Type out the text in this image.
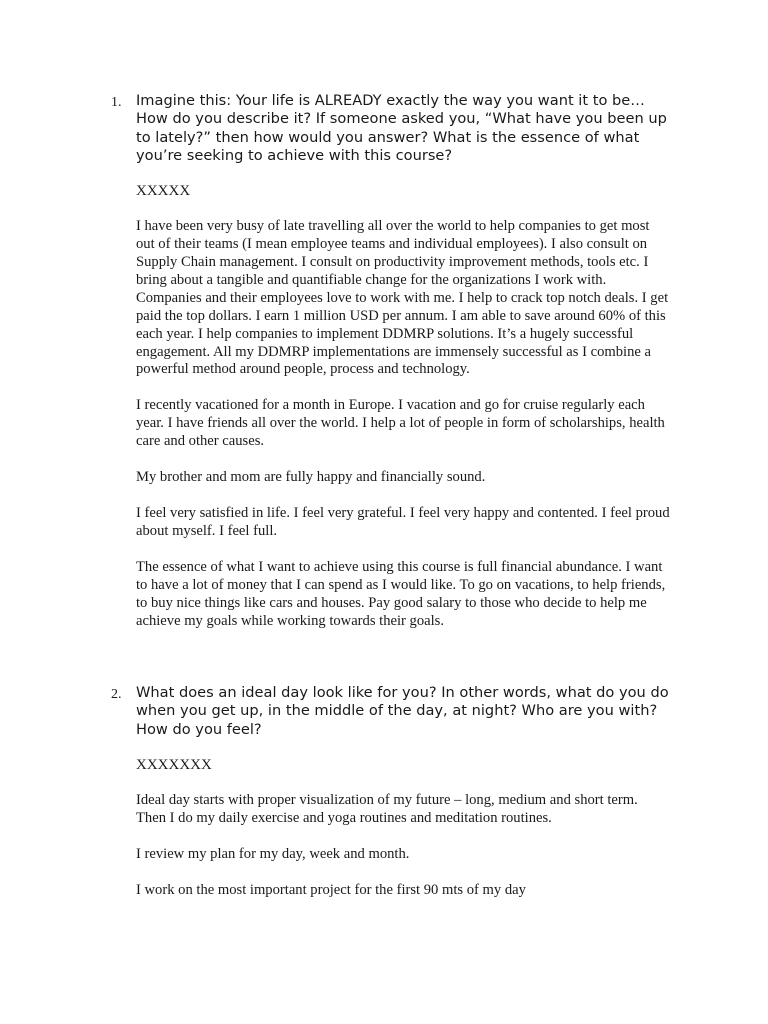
1. Imagine this: Your life is ALREADY exactly the way you want it to be… How do you describe it? If someone asked you, “What have you been up to lately?” then how would you answer? What is the essence of what you’re seeking to achieve with this course?

XXXXX

I have been very busy of late travelling all over the world to help companies to get most out of their teams (I mean employee teams and individual employees). I also consult on Supply Chain management. I consult on productivity improvement methods, tools etc. I bring about a tangible and quantifiable change for the organizations I work with. Companies and their employees love to work with me. I help to crack top notch deals. I get paid the top dollars. I earn 1 million USD per annum. I am able to save around 60% of this each year. I help companies to implement DDMRP solutions. It’s a hugely successful engagement. All my DDMRP implementations are immensely successful as I combine a powerful method around people, process and technology.

I recently vacationed for a month in Europe. I vacation and go for cruise regularly each year. I have friends all over the world. I help a lot of people in form of scholarships, health care and other causes.

My brother and mom are fully happy and financially sound.

I feel very satisfied in life. I feel very grateful. I feel very happy and contented. I feel proud about myself. I feel full.

The essence of what I want to achieve using this course is full financial abundance. I want to have a lot of money that I can spend as I would like. To go on vacations, to help friends, to buy nice things like cars and houses. Pay good salary to those who decide to help me achieve my goals while working towards their goals.

2. What does an ideal day look like for you? In other words, what do you do when you get up, in the middle of the day, at night? Who are you with? How do you feel?

XXXXXXX

Ideal day starts with proper visualization of my future – long, medium and short term. Then I do my daily exercise and yoga routines and meditation routines.

I review my plan for my day, week and month.

I work on the most important project for the first 90 mts of my day
